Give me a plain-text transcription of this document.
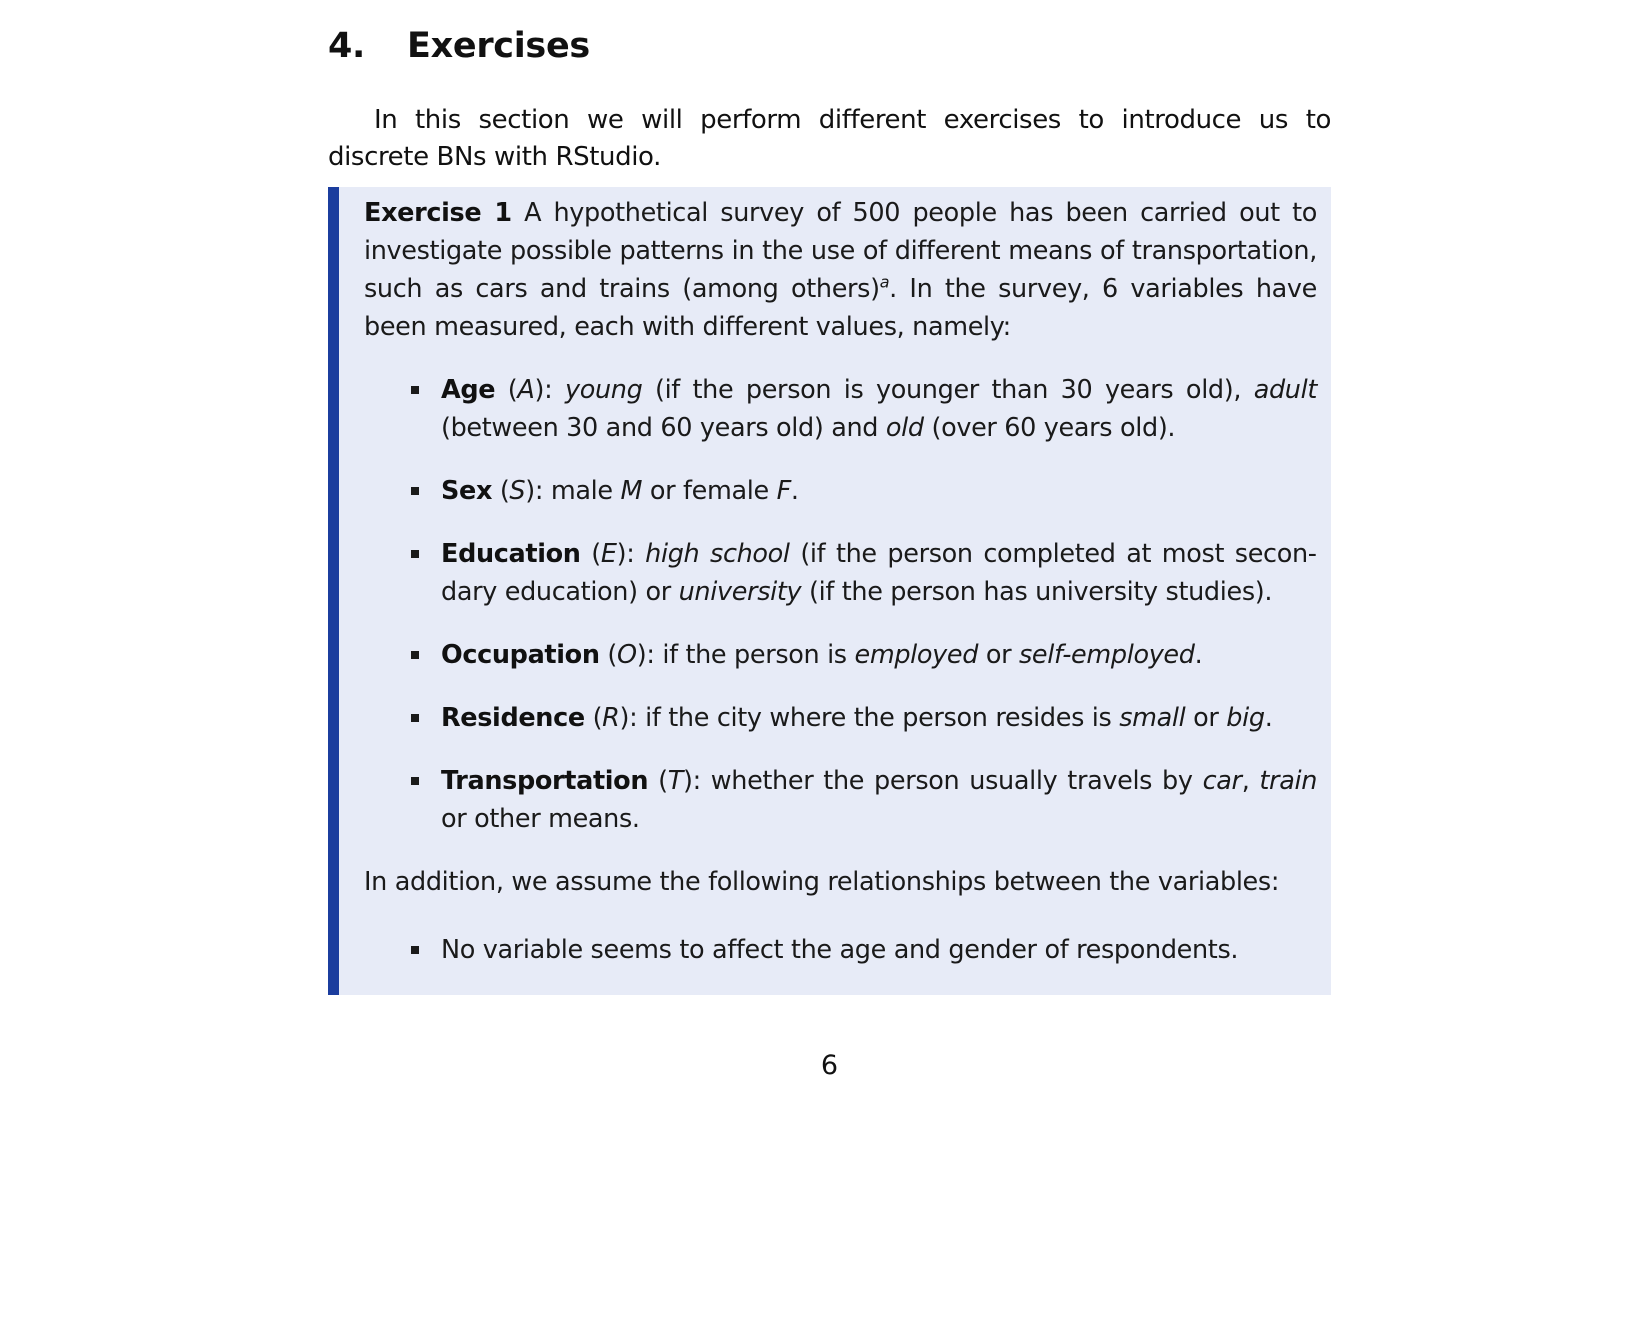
4. Exercises

In this section we will perform different exercises to introduce us to discrete BNs with RStudio.

Exercise 1 A hypothetical survey of 500 people has been carried out to investigate possible patterns in the use of different means of transportation, such as cars and trains (among others)$^a$. In the survey, 6 variables have been measured, each with different values, namely:

Age (A): young (if the person is younger than 30 years old), adult (between 30 and 60 years old) and old (over 60 years old).
Sex (S): male M or female F.
Education (E): high school (if the person completed at most secondary education) or university (if the person has university studies).
Occupation (O): if the person is employed or self-employed.
Residence (R): if the city where the person resides is small or big.
Transportation (T): whether the person usually travels by car, train or other means.

In addition, we assume the following relationships between the variables:

No variable seems to affect the age and gender of respondents.

6
